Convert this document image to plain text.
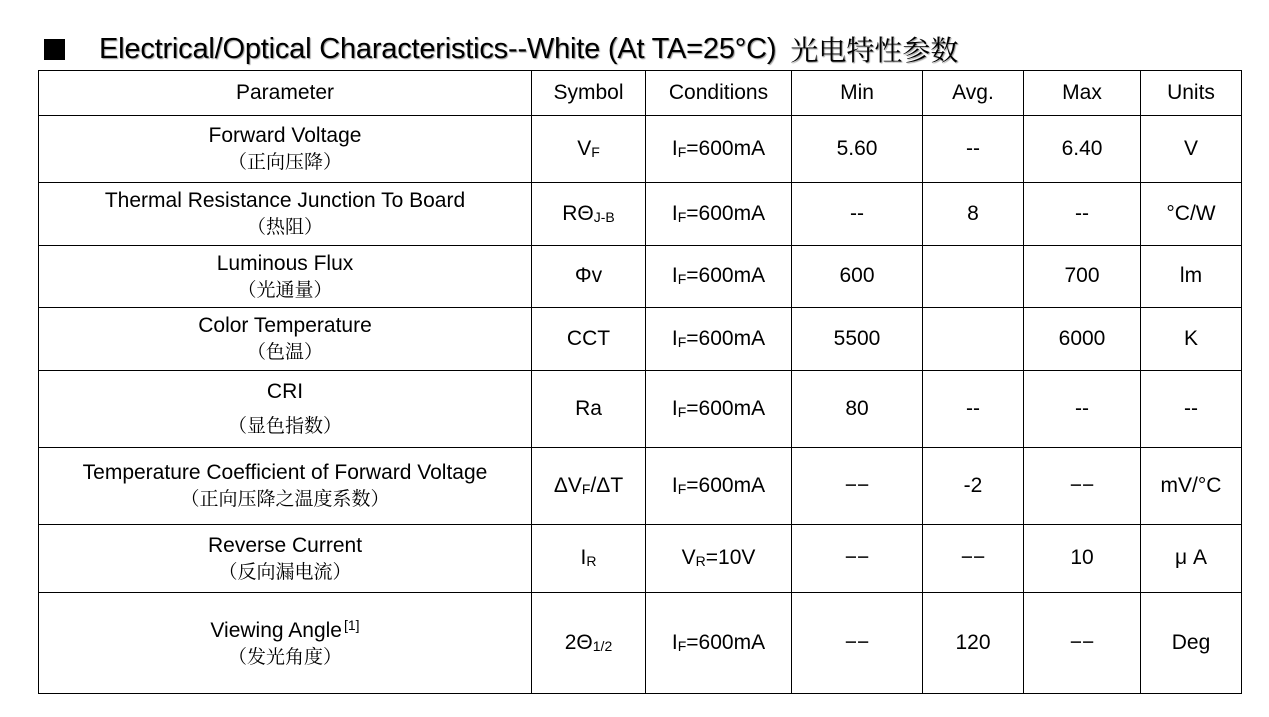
Electrical/Optical Characteristics--White (At TA=25°C) 光电特性参数
Parameter	Symbol	Conditions	Min	Avg.	Max	Units

Forward Voltage
（正向压降）	$V_F$	$I_F=600mA$	5.60	--	6.40	V

Thermal Resistance Junction To Board
（热阻）	$R\Theta_{J-B}$	$I_F=600mA$	--	8	--	°C/W

Luminous Flux
（光通量）	Φv	$I_F=600mA$	600		700	lm

Color Temperature
（色温）	CCT	$I_F=600mA$	5500		6000	K

CRI
（显色指数）	Ra	$I_F=600mA$	80	--	--	--

Temperature Coefficient of Forward Voltage
（正向压降之温度系数）	$\Delta V_F/\Delta T$	$I_F=600mA$	−−	-2	−−	mV/°C

Reverse Current
（反向漏电流）	$I_R$	$V_R=10V$	−−	−−	10	μ A

Viewing Angle [1]
（发光角度）	$2\Theta_{1/2}$	$I_F=600mA$	−−	120	−−	Deg
